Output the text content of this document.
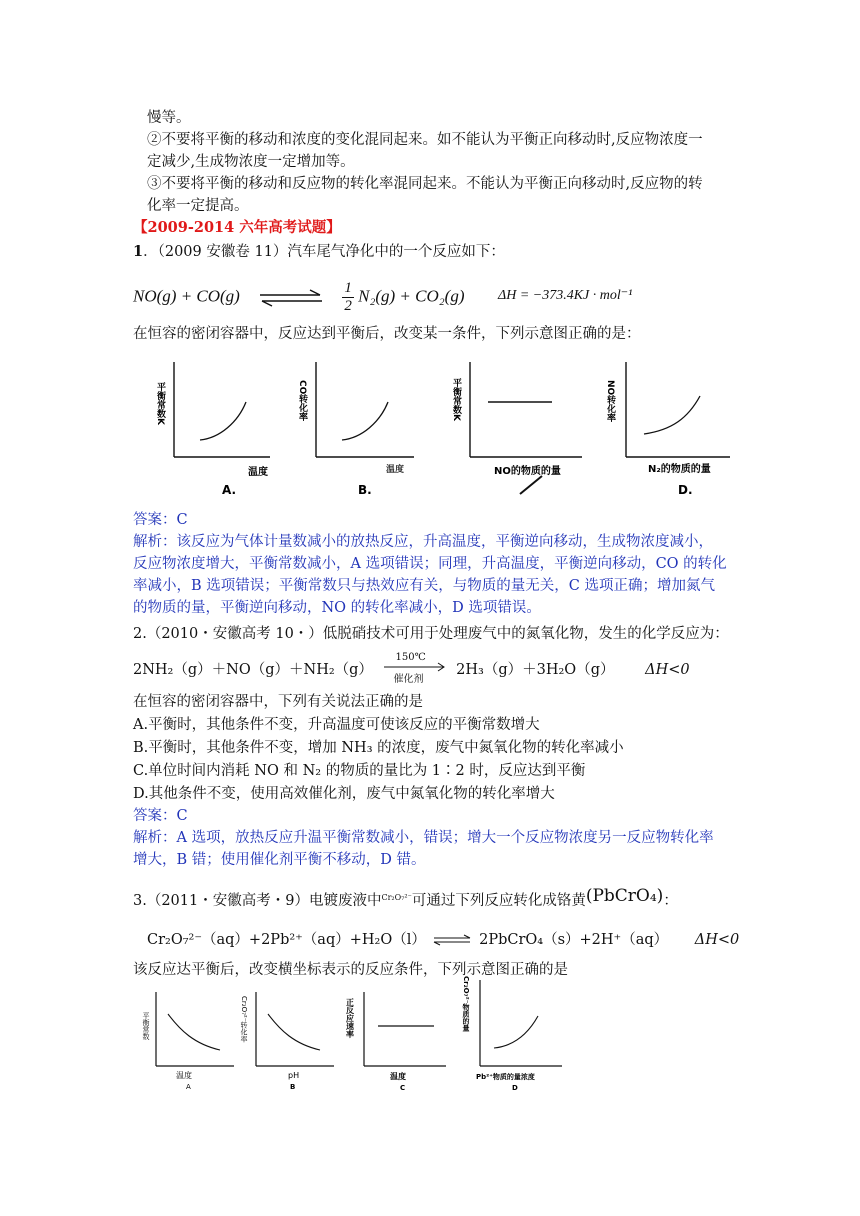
慢等。
②不要将平衡的移动和浓度的变化混同起来。如不能认为平衡正向移动时,反应物浓度一
定减少,生成物浓度一定增加等。
③不要将平衡的移动和反应物的转化率混同起来。不能认为平衡正向移动时,反应物的转
化率一定提高。
【2009-2014 六年高考试题】
1．（2009 安徽卷 11）汽车尾气净化中的一个反应如下：
NO(g) + CO(g) ⇌ $\frac{1}{2} N_2(g) + CO_2(g) \Delta H = -373.4KJ \cdot mol^{-1}$
在恒容的密闭容器中，反应达到平衡后，改变某一条件，下列示意图正确的是：
平衡常数K
温度
A.
CO转化率
温度
B.
平衡常数K
NO的物质的量
NO转化率
N₂的物质的量
D.
答案：C
解析：该反应为气体计量数减小的放热反应，升高温度，平衡逆向移动，生成物浓度减小，
反应物浓度增大，平衡常数减小，A 选项错误；同理，升高温度，平衡逆向移动，CO 的转化
率减小，B 选项错误；平衡常数只与热效应有关，与物质的量无关，C 选项正确；增加氮气
的物质的量，平衡逆向移动，NO 的转化率减小，D 选项错误。
2.（2010・安徽高考 10・）低脱硝技术可用于处理废气中的氮氧化物，发生的化学反应为：
2NH₂（g）＋NO（g）＋NH₂（g）
150℃
催化剂
2H₃（g）＋3H₂O（g） ΔH<0
在恒容的密闭容器中，下列有关说法正确的是
A.平衡时，其他条件不变，升高温度可使该反应的平衡常数增大
B.平衡时，其他条件不变，增加 NH₃ 的浓度，废气中氮氧化物的转化率减小
C.单位时间内消耗 NO 和 N₂ 的物质的量比为 1∶2 时，反应达到平衡
D.其他条件不变，使用高效催化剂，废气中氮氧化物的转化率增大
答案：C
解析：A 选项，放热反应升温平衡常数减小，错误；增大一个反应物浓度另一反应物转化率
增大，B 错；使用催化剂平衡不移动，D 错。
3.（2011・安徽高考・9）电镀废液中$^{Cr_2O_7^{2-}}$可通过下列反应转化成铬黄(PbCrO₄)：
Cr₂O₇²⁻（aq）+2Pb²⁺（aq）+H₂O（l）	2PbCrO₄（s）+2H⁺（aq） ΔH<0
该反应达平衡后，改变横坐标表示的反应条件，下列示意图正确的是
平衡常数
温度
A
Cr₂O₇²⁻转化率
pH
B
正反应速率
温度
C
Cr₂O₇²⁻物质的量
Pb²⁺物质的量浓度
D
